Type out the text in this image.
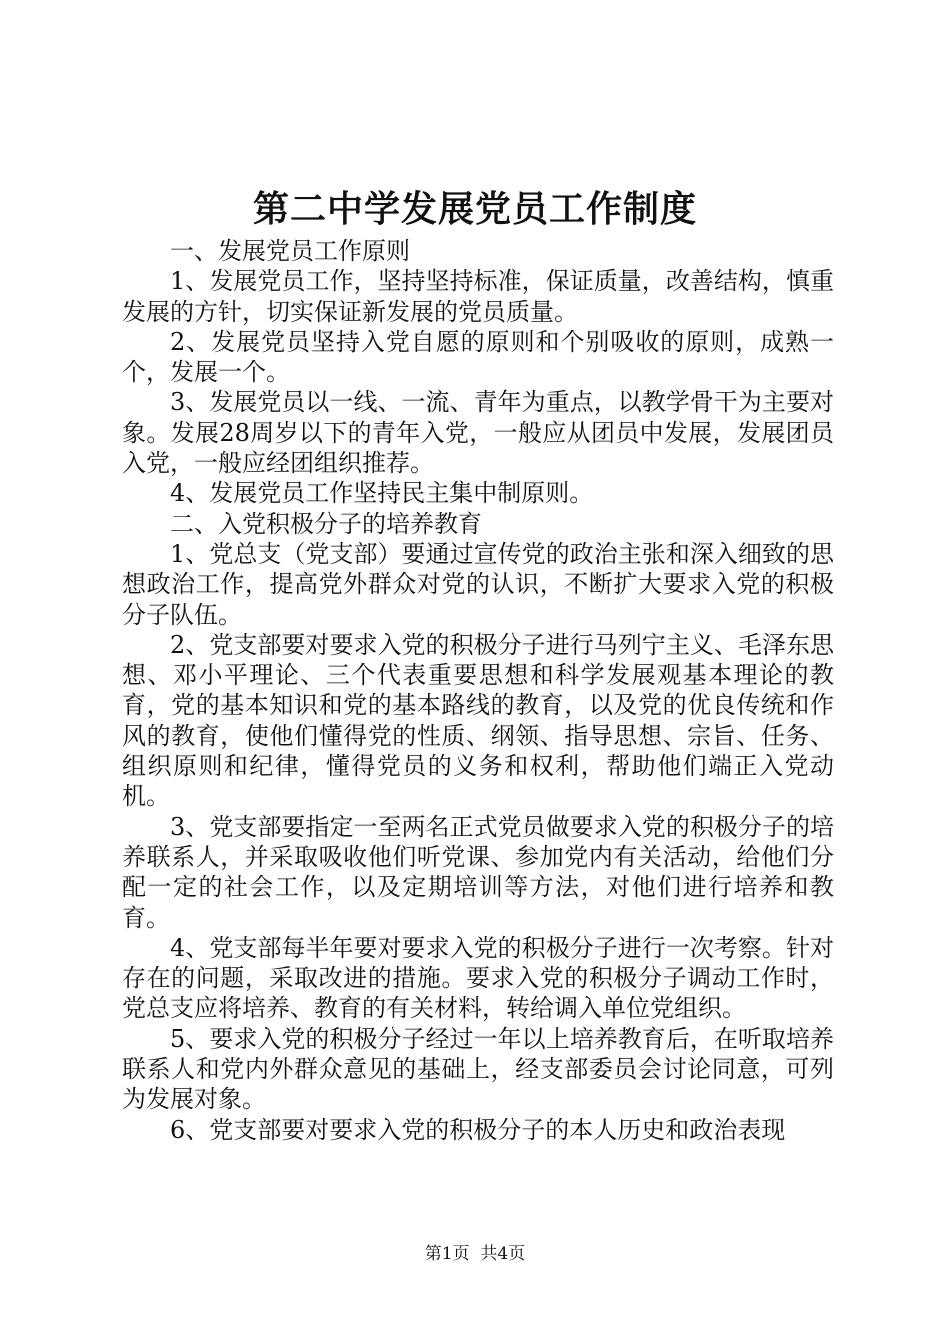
第二中学发展党员工作制度

一、发展党员工作原则

1、发展党员工作，坚持坚持标准，保证质量，改善结构，慎重发展的方针，切实保证新发展的党员质量。

2、发展党员坚持入党自愿的原则和个别吸收的原则，成熟一个，发展一个。

3、发展党员以一线、一流、青年为重点，以教学骨干为主要对象。发展28周岁以下的青年入党，一般应从团员中发展，发展团员入党，一般应经团组织推荐。

4、发展党员工作坚持民主集中制原则。

二、入党积极分子的培养教育

1、党总支（党支部）要通过宣传党的政治主张和深入细致的思想政治工作，提高党外群众对党的认识，不断扩大要求入党的积极分子队伍。

2、党支部要对要求入党的积极分子进行马列宁主义、毛泽东思想、邓小平理论、三个代表重要思想和科学发展观基本理论的教育，党的基本知识和党的基本路线的教育，以及党的优良传统和作风的教育，使他们懂得党的性质、纲领、指导思想、宗旨、任务、组织原则和纪律，懂得党员的义务和权利，帮助他们端正入党动机。

3、党支部要指定一至两名正式党员做要求入党的积极分子的培养联系人，并采取吸收他们听党课、参加党内有关活动，给他们分配一定的社会工作，以及定期培训等方法，对他们进行培养和教育。

4、党支部每半年要对要求入党的积极分子进行一次考察。针对存在的问题，采取改进的措施。要求入党的积极分子调动工作时，党总支应将培养、教育的有关材料，转给调入单位党组织。

5、要求入党的积极分子经过一年以上培养教育后，在听取培养联系人和党内外群众意见的基础上，经支部委员会讨论同意，可列为发展对象。

6、党支部要对要求入党的积极分子的本人历史和政治表现

第1页  共4页
